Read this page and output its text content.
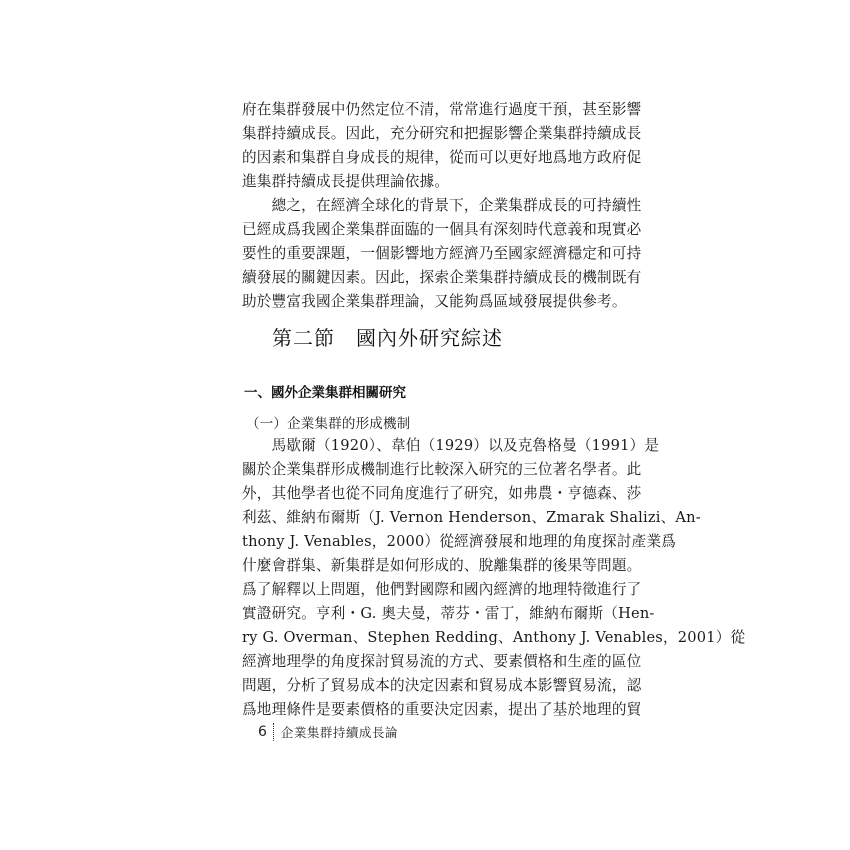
府在集群發展中仍然定位不清，常常進行過度干預，甚至影響
集群持續成長。因此，充分研究和把握影響企業集群持續成長
的因素和集群自身成長的規律，從而可以更好地爲地方政府促
進集群持續成長提供理論依據。
　　總之，在經濟全球化的背景下，企業集群成長的可持續性
已經成爲我國企業集群面臨的一個具有深刻時代意義和現實必
要性的重要課題，一個影響地方經濟乃至國家經濟穩定和可持
續發展的關鍵因素。因此，探索企業集群持續成長的機制既有
助於豐富我國企業集群理論，又能夠爲區域發展提供參考。
第二節　國內外研究綜述
一、國外企業集群相關研究
（一）企業集群的形成機制
　　馬歇爾（1920）、韋伯（1929）以及克魯格曼（1991）是
關於企業集群形成機制進行比較深入研究的三位著名學者。此
外，其他學者也從不同角度進行了研究，如弗農・亨德森、莎
利茲、維納布爾斯（J. Vernon Henderson、Zmarak Shalizi、An-
thony J. Venables，2000）從經濟發展和地理的角度探討產業爲
什麼會群集、新集群是如何形成的、脫離集群的後果等問題。
爲了解釋以上問題，他們對國際和國內經濟的地理特徵進行了
實證研究。亨利・G. 奧夫曼，蒂芬・雷丁，維納布爾斯（Hen-
ry G. Overman、Stephen Redding、Anthony J. Venables，2001）從
經濟地理學的角度探討貿易流的方式、要素價格和生產的區位
問題，分析了貿易成本的決定因素和貿易成本影響貿易流，認
爲地理條件是要素價格的重要決定因素，提出了基於地理的貿
6 企業集群持續成長論
